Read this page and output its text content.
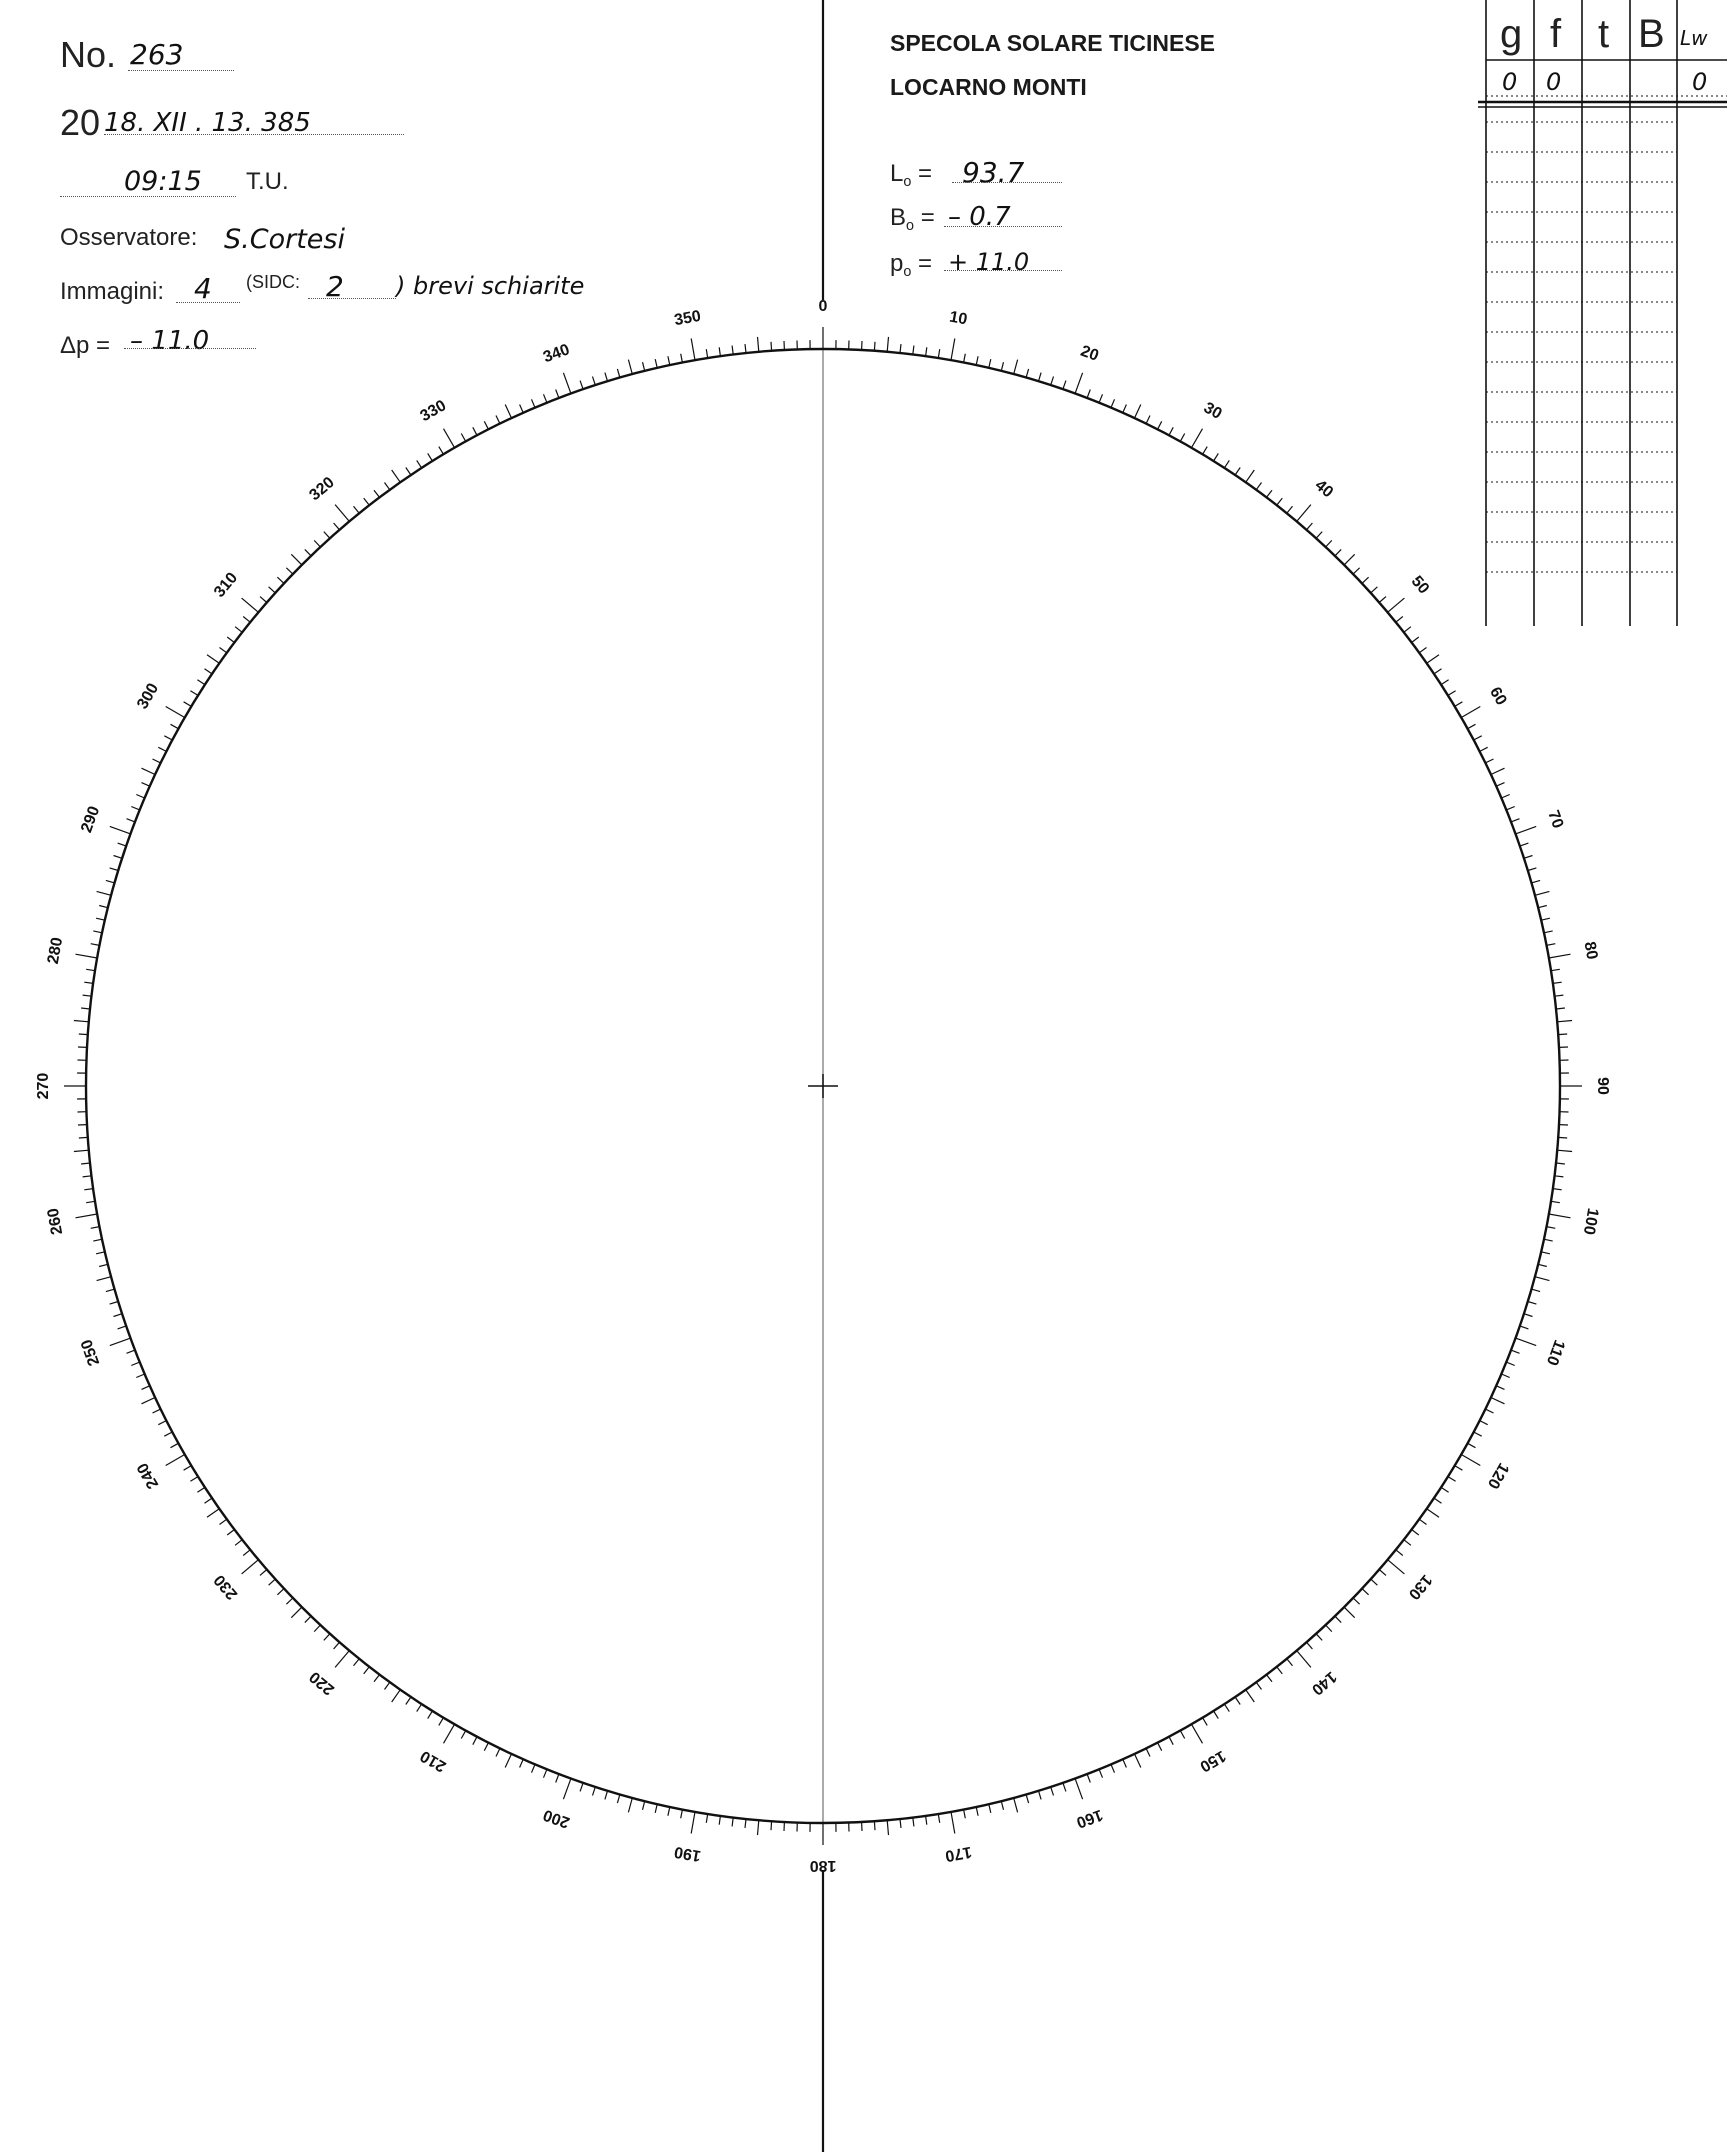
No. 263
20 18. XII . 13. 385
09:15 T.U.
Osservatore: S.Cortesi
Immagini: 4 (SIDC: 2 ) brevi schiarite
Δp = – 11.0
SPECOLA SOLARE TICINESE
LOCARNO MONTI
$L_o = 93.7$
$B_o$ = – 0.7
$p_o$ = + 11.0
g f t B Lw
0 0	0
0
10
20
30
40
50
60
70
80
90
100
110
120
130
140
150
160
170
180
190
200
210
220
230
240
250
260
270
280
290
300
310
320
330
340
350
